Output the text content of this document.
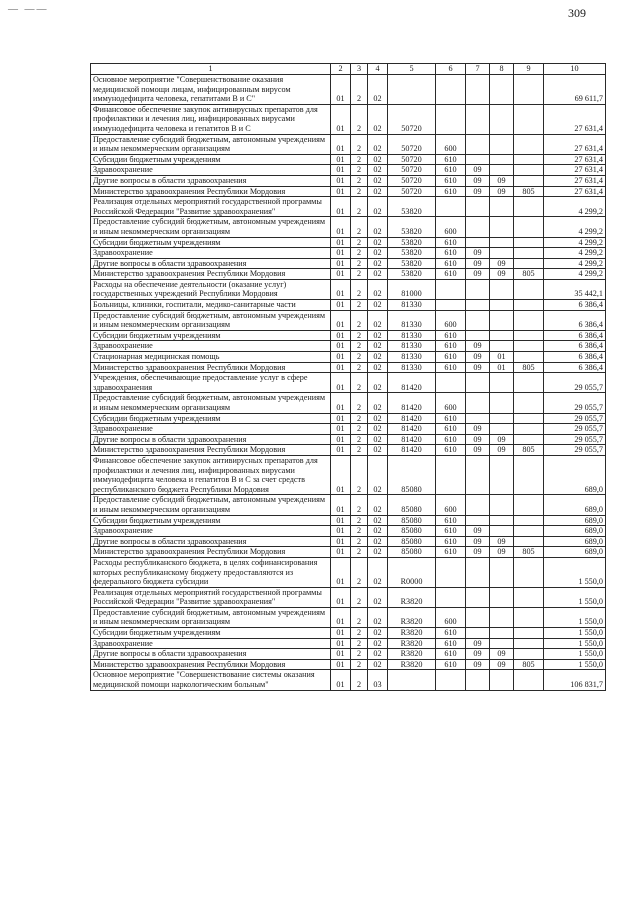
— ——	309
1	2	3	4	5	6	7	8	9	10
Основное мероприятие "Совершенствование оказания медицинской помощи лицам, инфицированным вирусом иммунодефицита человека, гепатитами В и С"	01	2	02						69 611,7
Финансовое обеспечение закупок антивирусных препаратов для профилактики и лечения лиц, инфицированных вирусами иммунодефицита человека и гепатитов В и С	01	2	02	50720					27 631,4
Предоставление субсидий бюджетным, автономным учреждениям и иным некоммерческим организациям	01	2	02	50720	600				27 631,4
Субсидии бюджетным учреждениям	01	2	02	50720	610				27 631,4
Здравоохранение	01	2	02	50720	610	09			27 631,4
Другие вопросы в области здравоохранения	01	2	02	50720	610	09	09		27 631,4
Министерство здравоохранения Республики Мордовия	01	2	02	50720	610	09	09	805	27 631,4
Реализация отдельных мероприятий государственной программы Российской Федерации "Развитие здравоохранения"	01	2	02	53820					4 299,2
Предоставление субсидий бюджетным, автономным учреждениям и иным некоммерческим организациям	01	2	02	53820	600				4 299,2
Субсидии бюджетным учреждениям	01	2	02	53820	610				4 299,2
Здравоохранение	01	2	02	53820	610	09			4 299,2
Другие вопросы в области здравоохранения	01	2	02	53820	610	09	09		4 299,2
Министерство здравоохранения Республики Мордовия	01	2	02	53820	610	09	09	805	4 299,2
Расходы на обеспечение деятельности (оказание услуг) государственных учреждений Республики Мордовия	01	2	02	81000					35 442,1
Больницы, клиники, госпитали, медико-санитарные части	01	2	02	81330					6 386,4
Предоставление субсидий бюджетным, автономным учреждениям и иным некоммерческим организациям	01	2	02	81330	600				6 386,4
Субсидии бюджетным учреждениям	01	2	02	81330	610				6 386,4
Здравоохранение	01	2	02	81330	610	09			6 386,4
Стационарная медицинская помощь	01	2	02	81330	610	09	01		6 386,4
Министерство здравоохранения Республики Мордовия	01	2	02	81330	610	09	01	805	6 386,4
Учреждения, обеспечивающие предоставление услуг в сфере здравоохранения	01	2	02	81420					29 055,7
Предоставление субсидий бюджетным, автономным учреждениям и иным некоммерческим организациям	01	2	02	81420	600				29 055,7
Субсидии бюджетным учреждениям	01	2	02	81420	610				29 055,7
Здравоохранение	01	2	02	81420	610	09			29 055,7
Другие вопросы в области здравоохранения	01	2	02	81420	610	09	09		29 055,7
Министерство здравоохранения Республики Мордовия	01	2	02	81420	610	09	09	805	29 055,7
Финансовое обеспечение закупок антивирусных препаратов для профилактики и лечения лиц, инфицированных вирусами иммунодефицита человека и гепатитов В и С за счет средств республиканского бюджета Республики Мордовия	01	2	02	85080					689,0
Предоставление субсидий бюджетным, автономным учреждениям и иным некоммерческим организациям	01	2	02	85080	600				689,0
Субсидии бюджетным учреждениям	01	2	02	85080	610				689,0
Здравоохранение	01	2	02	85080	610	09			689,0
Другие вопросы в области здравоохранения	01	2	02	85080	610	09	09		689,0
Министерство здравоохранения Республики Мордовия	01	2	02	85080	610	09	09	805	689,0
Расходы республиканского бюджета, в целях софинансирования которых республиканскому бюджету предоставляются из федерального бюджета субсидии	01	2	02	R0000					1 550,0
Реализация отдельных мероприятий государственной программы Российской Федерации "Развитие здравоохранения"	01	2	02	R3820					1 550,0
Предоставление субсидий бюджетным, автономным учреждениям и иным некоммерческим организациям	01	2	02	R3820	600				1 550,0
Субсидии бюджетным учреждениям	01	2	02	R3820	610				1 550,0
Здравоохранение	01	2	02	R3820	610	09			1 550,0
Другие вопросы в области здравоохранения	01	2	02	R3820	610	09	09		1 550,0
Министерство здравоохранения Республики Мордовия	01	2	02	R3820	610	09	09	805	1 550,0
Основное мероприятие "Совершенствование системы оказания медицинской помощи наркологическим больным"	01	2	03						106 831,7
